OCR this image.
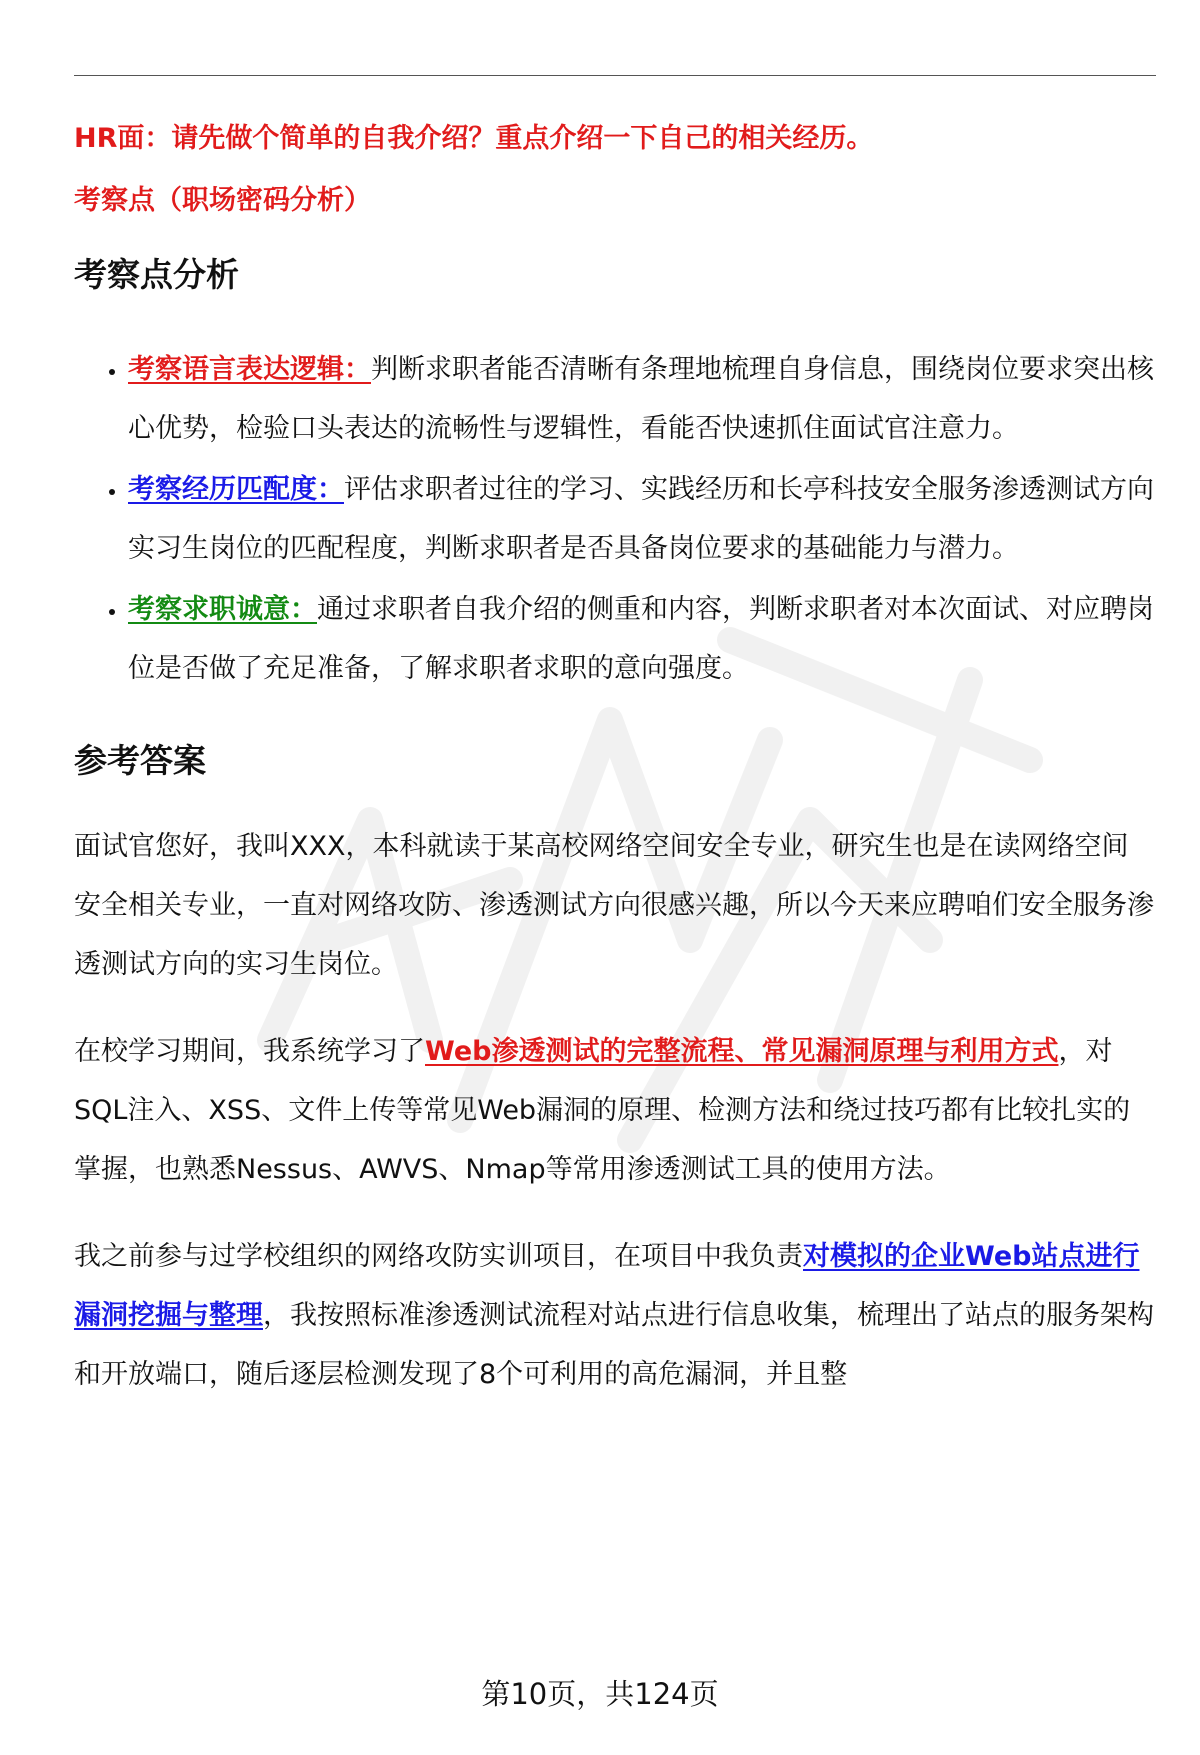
HR面：请先做个简单的自我介绍？重点介绍一下自己的相关经历。
考察点（职场密码分析）
考察点分析
• 考察语言表达逻辑：判断求职者能否清晰有条理地梳理自身信息，围绕岗位要求突出核心优势，检验口头表达的流畅性与逻辑性，看能否快速抓住面试官注意力。
• 考察经历匹配度：评估求职者过往的学习、实践经历和长亭科技安全服务渗透测试方向实习生岗位的匹配程度，判断求职者是否具备岗位要求的基础能力与潜力。
• 考察求职诚意：通过求职者自我介绍的侧重和内容，判断求职者对本次面试、对应聘岗位是否做了充足准备，了解求职者求职的意向强度。
参考答案

面试官您好，我叫XXX，本科就读于某高校网络空间安全专业，研究生也是在读网络空间安全相关专业，一直对网络攻防、渗透测试方向很感兴趣，所以今天来应聘咱们安全服务渗透测试方向的实习生岗位。

在校学习期间，我系统学习了Web渗透测试的完整流程、常见漏洞原理与利用方式，对SQL注入、XSS、文件上传等常见Web漏洞的原理、检测方法和绕过技巧都有比较扎实的掌握，也熟悉Nessus、AWVS、Nmap等常用渗透测试工具的使用方法。

我之前参与过学校组织的网络攻防实训项目，在项目中我负责对模拟的企业Web站点进行漏洞挖掘与整理，我按照标准渗透测试流程对站点进行信息收集，梳理出了站点的服务架构和开放端口，随后逐层检测发现了8个可利用的高危漏洞，并且整

第10页，共124页
